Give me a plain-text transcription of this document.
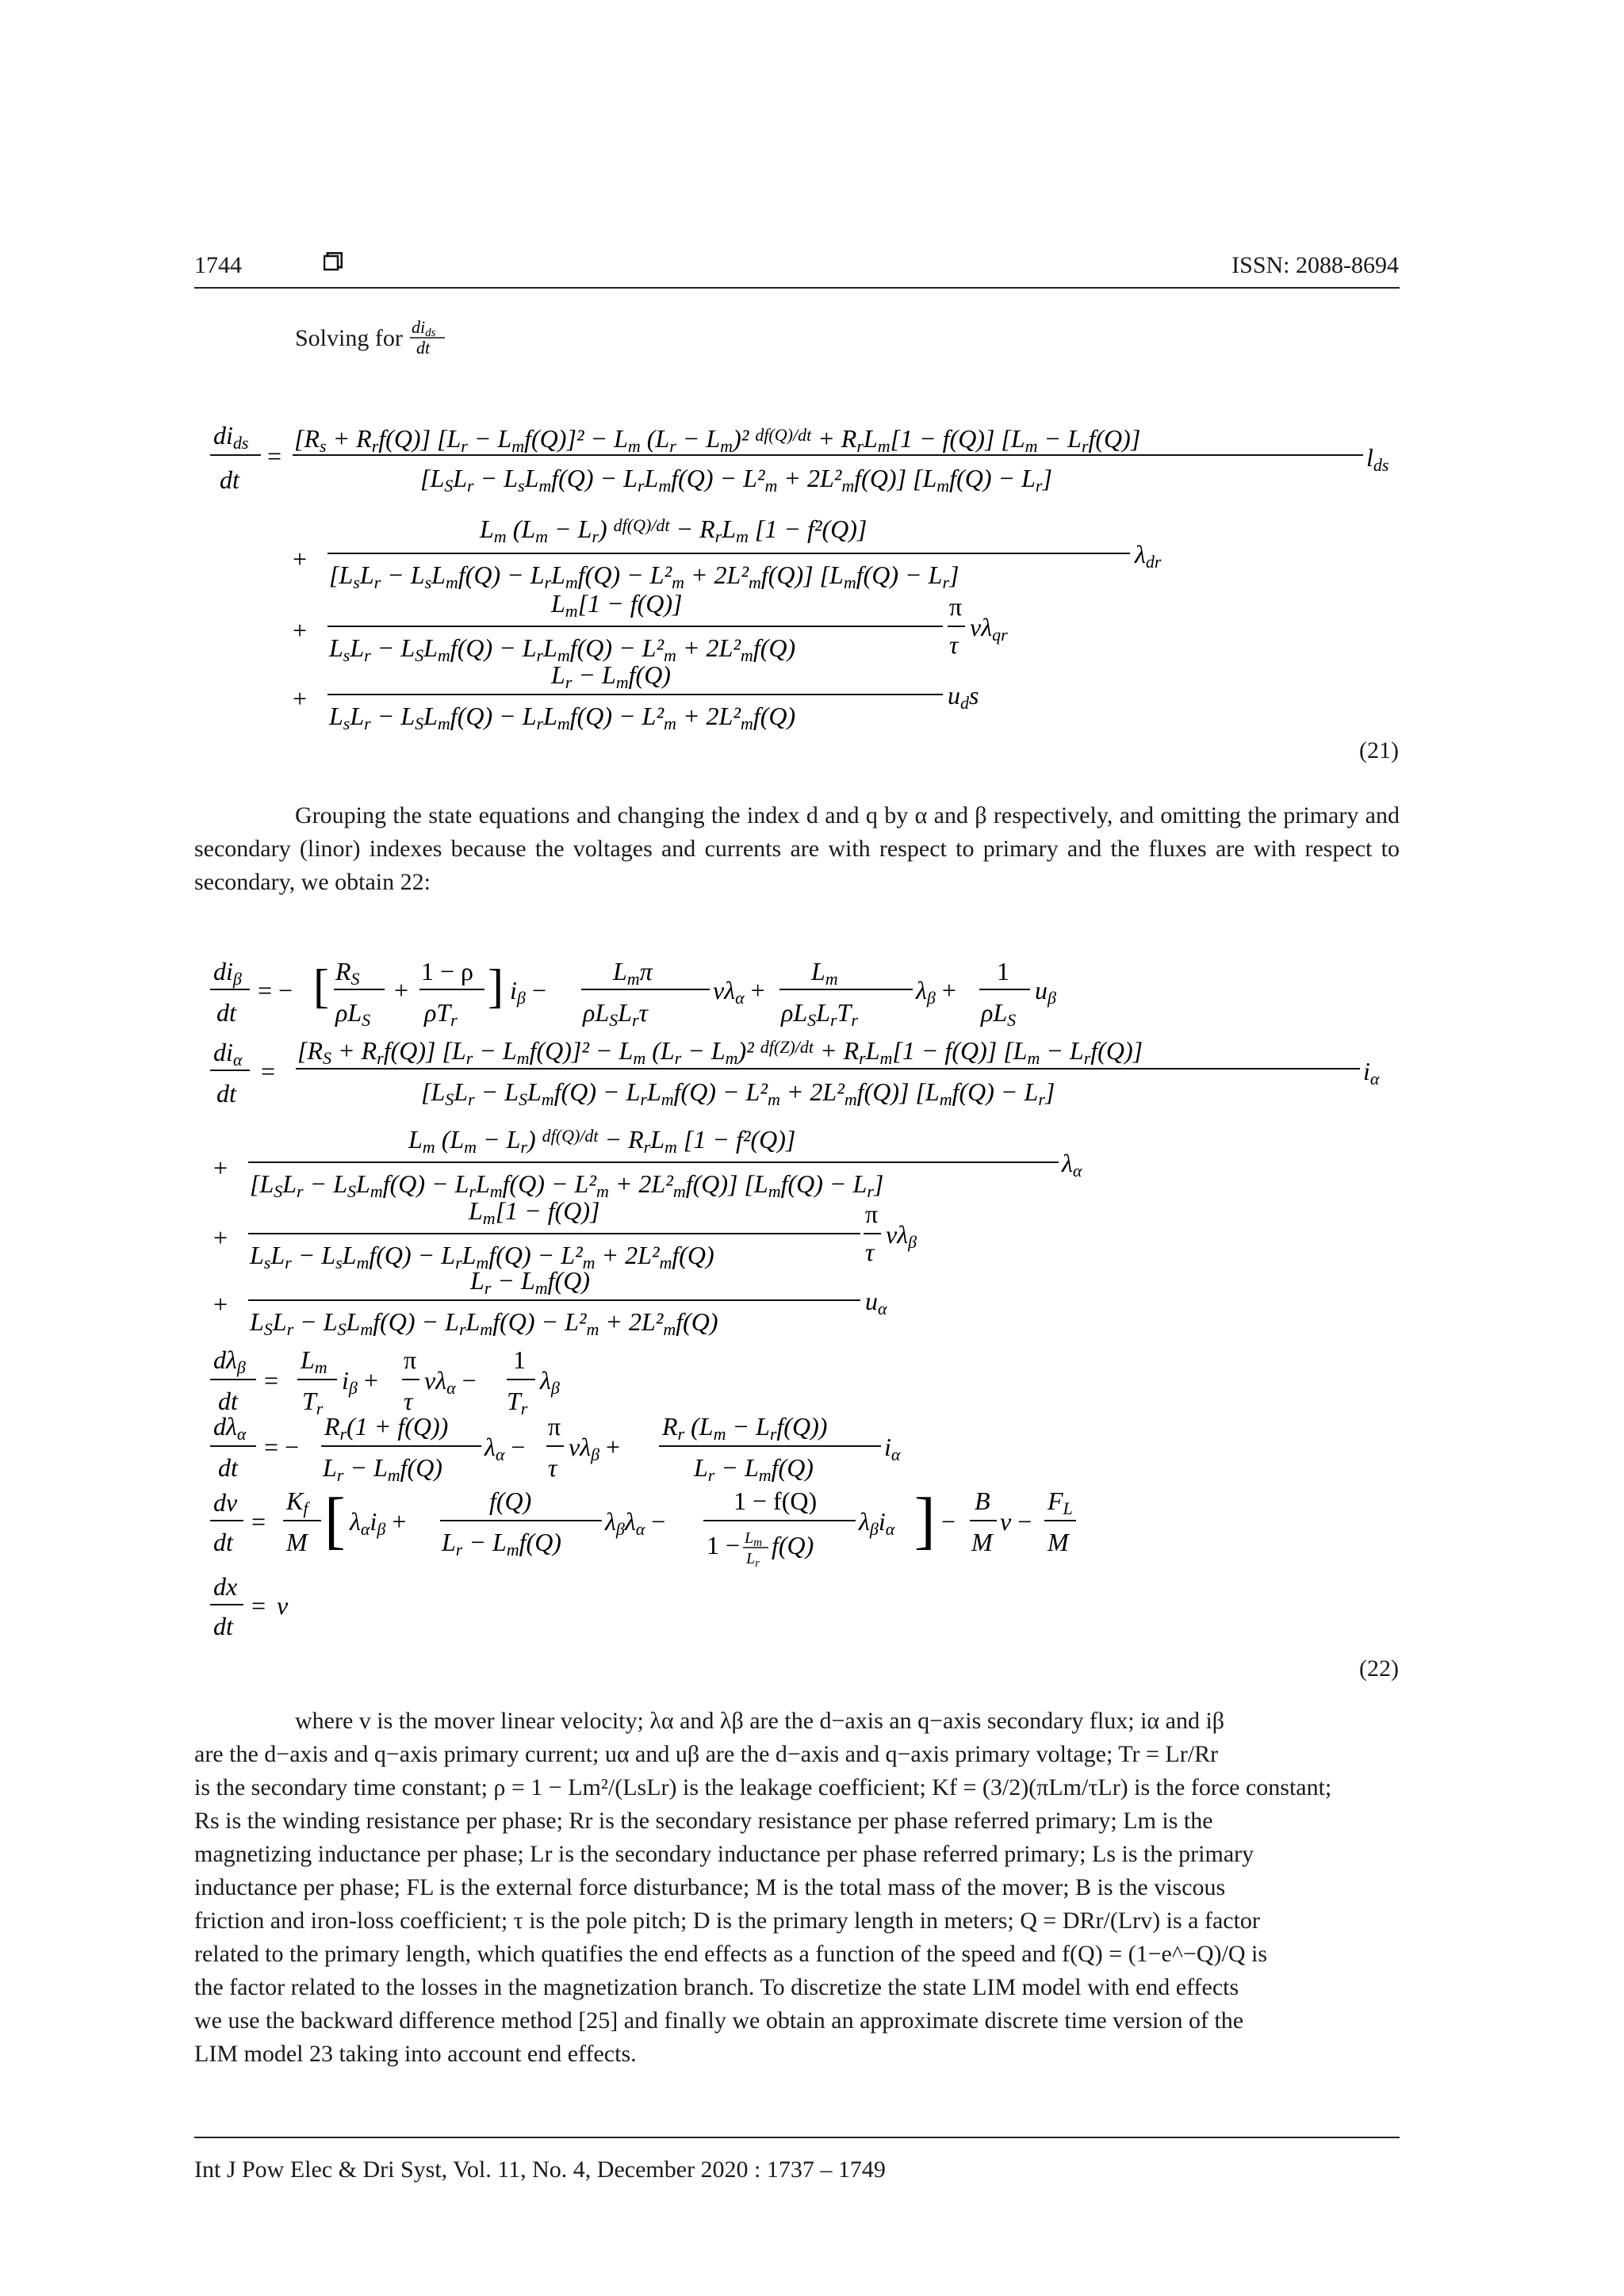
1744	ISSN: 2088-8694
Solving for dids
dt
dids
dt
=
[Rs + Rrf(Q)] [Lr − Lmf(Q)]² − Lm (Lr − Lm)² $^{df(Q)/dt}$ + RrLm[1 − f(Q)] [Lm − Lrf(Q)]
[LSLr − LsLmf(Q) − LrLmf(Q) − L²m + 2L²mf(Q)] [Lmf(Q) − Lr]
lds
+
Lm (Lm − Lr) $^{df(Q)/dt}$ − RrLm [1 − f²(Q)]
[LsLr − LsLmf(Q) − LrLmf(Q) − L²m + 2L²mf(Q)] [Lmf(Q) − Lr]
λdr
+
Lm[1 − f(Q)]
LsLr − LSLmf(Q) − LrLmf(Q) − L²m + 2L²mf(Q)
π
τ
vλqr
+
Lr − Lmf(Q)
LsLr − LSLmf(Q) − LrLmf(Q) − L²m + 2L²mf(Q)
uds
(21)
Grouping the state equations and changing the index d and q by α and β respectively, and omitting the primary and secondary (linor) indexes because the voltages and currents are with respect to primary and the fluxes are with respect to secondary, we obtain 22:
diβ
dt
= − [ RS
ρLS
+
1 − ρ
ρTr
] iβ −
Lmπ
ρLSLrτ
vλα +
Lm
ρLSLrTr
λβ +
1
ρLS
uβ
diα
dt
=
[RS + Rrf(Q)] [Lr − Lmf(Q)]² − Lm (Lr − Lm)² $^{df(Z)/dt}$ + RrLm[1 − f(Q)] [Lm − Lrf(Q)]
[LSLr − LSLmf(Q) − LrLmf(Q) − L²m + 2L²mf(Q)] [Lmf(Q) − Lr]
iα
+
Lm (Lm − Lr) $^{df(Q)/dt}$ − RrLm [1 − f²(Q)]
[LSLr − LSLmf(Q) − LrLmf(Q) − L²m + 2L²mf(Q)] [Lmf(Q) − Lr]
λα
+
Lm[1 − f(Q)]
LsLr − LsLmf(Q) − LrLmf(Q) − L²m + 2L²mf(Q)
π
τ
vλβ
+
Lr − Lmf(Q)
LSLr − LSLmf(Q) − LrLmf(Q) − L²m + 2L²mf(Q)
uα
dλβ
dt
=
Lm
Tr
iβ +
π
τ
vλα −
1
Tr
λβ
dλα
dt
= −
Rr(1 + f(Q))
Lr − Lmf(Q)
λα −
π
τ
vλβ +
Rr (Lm − Lrf(Q))
Lr − Lmf(Q)
iα
dv
dt
=
Kf
M [ λαiβ +
f(Q)
Lr − Lmf(Q)
λβλα −
1 − f(Q)
$1 - L_m$
$L_r$
f(Q)
λβiα ] −
B
M
v −
FL
M
dx
dt
= v
(22)
where v is the mover linear velocity; λα and λβ are the d−axis an q−axis secondary flux; iα and iβ
are the d−axis and q−axis primary current; uα and uβ are the d−axis and q−axis primary voltage; Tr = Lr/Rr
is the secondary time constant; ρ = 1 − Lm²/(LsLr) is the leakage coefficient; Kf = (3/2)(πLm/τLr) is the force constant;
Rs is the winding resistance per phase; Rr is the secondary resistance per phase referred primary; Lm is the
magnetizing inductance per phase; Lr is the secondary inductance per phase referred primary; Ls is the primary
inductance per phase; FL is the external force disturbance; M is the total mass of the mover; B is the viscous
friction and iron-loss coefficient; τ is the pole pitch; D is the primary length in meters; Q = DRr/(Lrv) is a factor
related to the primary length, which quatifies the end effects as a function of the speed and f(Q) = (1−e^−Q)/Q is
the factor related to the losses in the magnetization branch. To discretize the state LIM model with end effects
we use the backward difference method [25] and finally we obtain an approximate discrete time version of the
LIM model 23 taking into account end effects.
Int J Pow Elec & Dri Syst, Vol. 11, No. 4, December 2020 : 1737 – 1749
